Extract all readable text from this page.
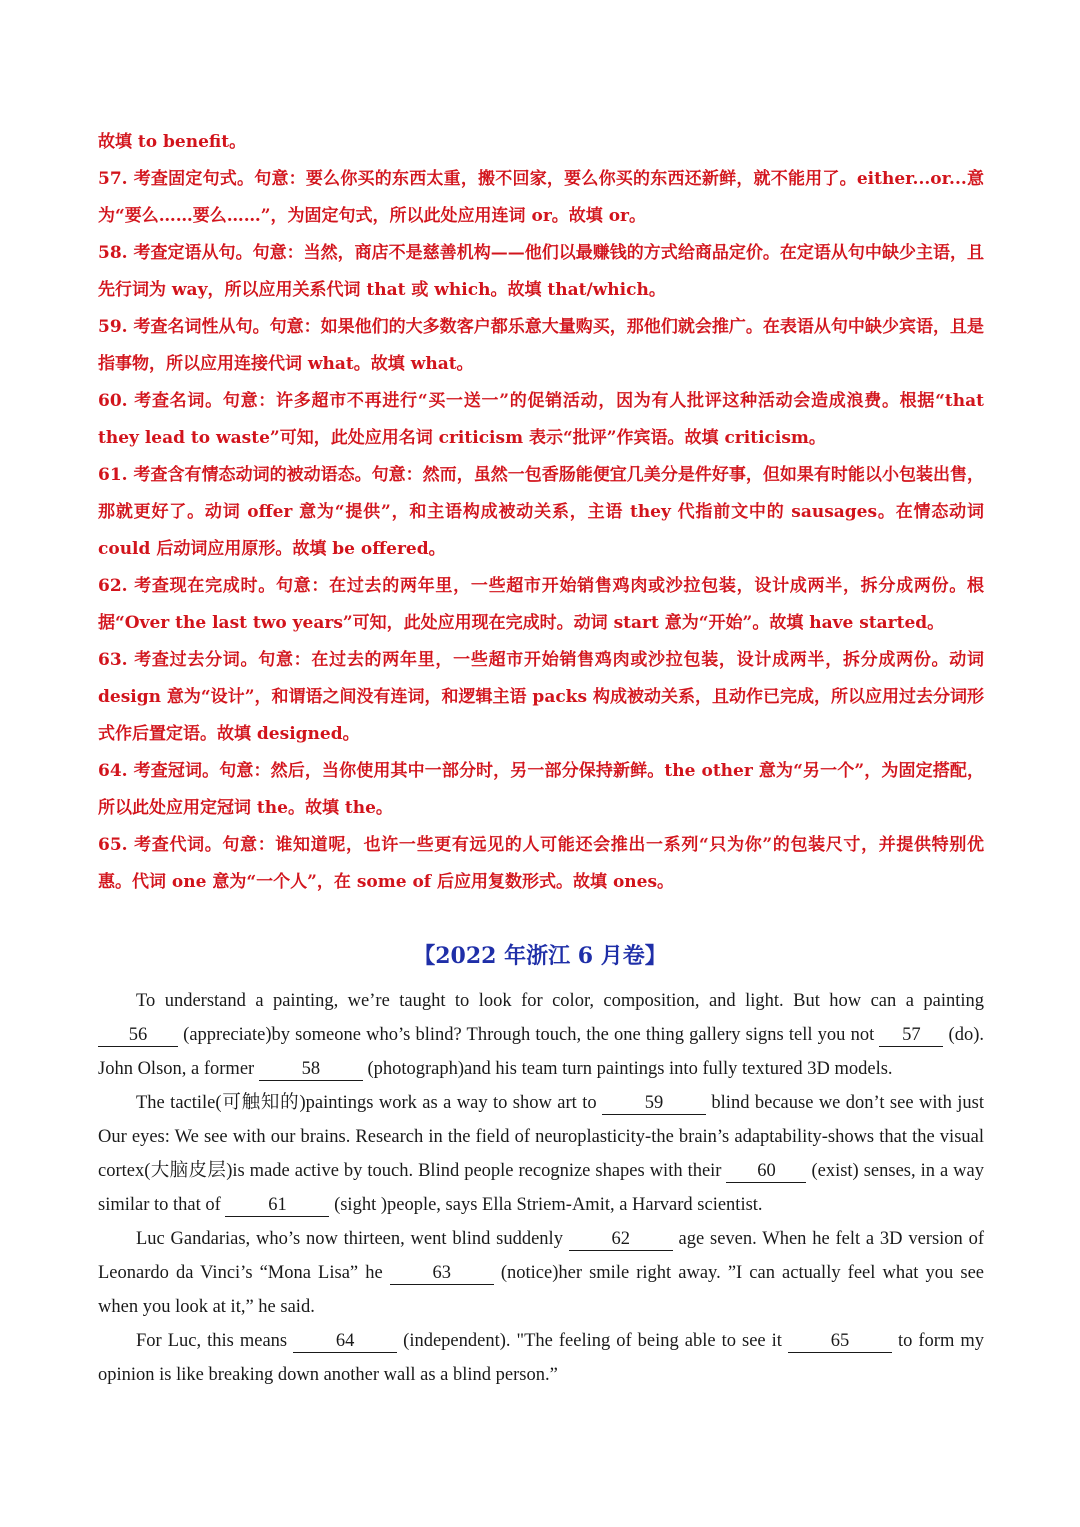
故填 to benefit。

57. 考查固定句式。句意：要么你买的东西太重，搬不回家，要么你买的东西还新鲜，就不能用了。either...or...意为“要么……要么……”，为固定句式，所以此处应用连词 or。故填 or。

58. 考查定语从句。句意：当然，商店不是慈善机构——他们以最赚钱的方式给商品定价。在定语从句中缺少主语，且先行词为 way，所以应用关系代词 that 或 which。故填 that/which。

59. 考查名词性从句。句意：如果他们的大多数客户都乐意大量购买，那他们就会推广。在表语从句中缺少宾语，且是指事物，所以应用连接代词 what。故填 what。

60. 考查名词。句意：许多超市不再进行“买一送一”的促销活动，因为有人批评这种活动会造成浪费。根据“that they lead to waste”可知，此处应用名词 criticism 表示“批评”作宾语。故填 criticism。

61. 考查含有情态动词的被动语态。句意：然而，虽然一包香肠能便宜几美分是件好事，但如果有时能以小包装出售，那就更好了。动词 offer 意为“提供”，和主语构成被动关系，主语 they 代指前文中的 sausages。在情态动词 could 后动词应用原形。故填 be offered。

62. 考查现在完成时。句意：在过去的两年里，一些超市开始销售鸡肉或沙拉包装，设计成两半，拆分成两份。根据“Over the last two years”可知，此处应用现在完成时。动词 start 意为“开始”。故填 have started。

63. 考查过去分词。句意：在过去的两年里，一些超市开始销售鸡肉或沙拉包装，设计成两半，拆分成两份。动词 design 意为“设计”，和谓语之间没有连词，和逻辑主语 packs 构成被动关系，且动作已完成，所以应用过去分词形式作后置定语。故填 designed。

64. 考查冠词。句意：然后，当你使用其中一部分时，另一部分保持新鲜。the other 意为“另一个”，为固定搭配，所以此处应用定冠词 the。故填 the。

65. 考查代词。句意：谁知道呢，也许一些更有远见的人可能还会推出一系列“只为你”的包装尺寸，并提供特别优惠。代词 one 意为“一个人”，在 some of 后应用复数形式。故填 ones。

【2022 年浙江 6 月卷】

To understand a painting, we’re taught to look for color, composition, and light. But how can a painting 56 (appreciate)by someone who’s blind? Through touch, the one thing gallery signs tell you not 57 (do). John Olson, a former 58 (photograph)and his team turn paintings into fully textured 3D models.

The tactile(可触知的)paintings work as a way to show art to 59 blind because we don’t see with just Our eyes: We see with our brains. Research in the field of neuroplasticity-the brain’s adaptability-shows that the visual cortex(大脑皮层)is made active by touch. Blind people recognize shapes with their 60 (exist) senses, in a way similar to that of 61 (sight )people, says Ella Striem-Amit, a Harvard scientist.

Luc Gandarias, who’s now thirteen, went blind suddenly 62 age seven. When he felt a 3D version of Leonardo da Vinci’s “Mona Lisa” he 63 (notice)her smile right away. ”I can actually feel what you see when you look at it,” he said.

For Luc, this means 64 (independent). "The feeling of being able to see it 65 to form my opinion is like breaking down another wall as a blind person.”
